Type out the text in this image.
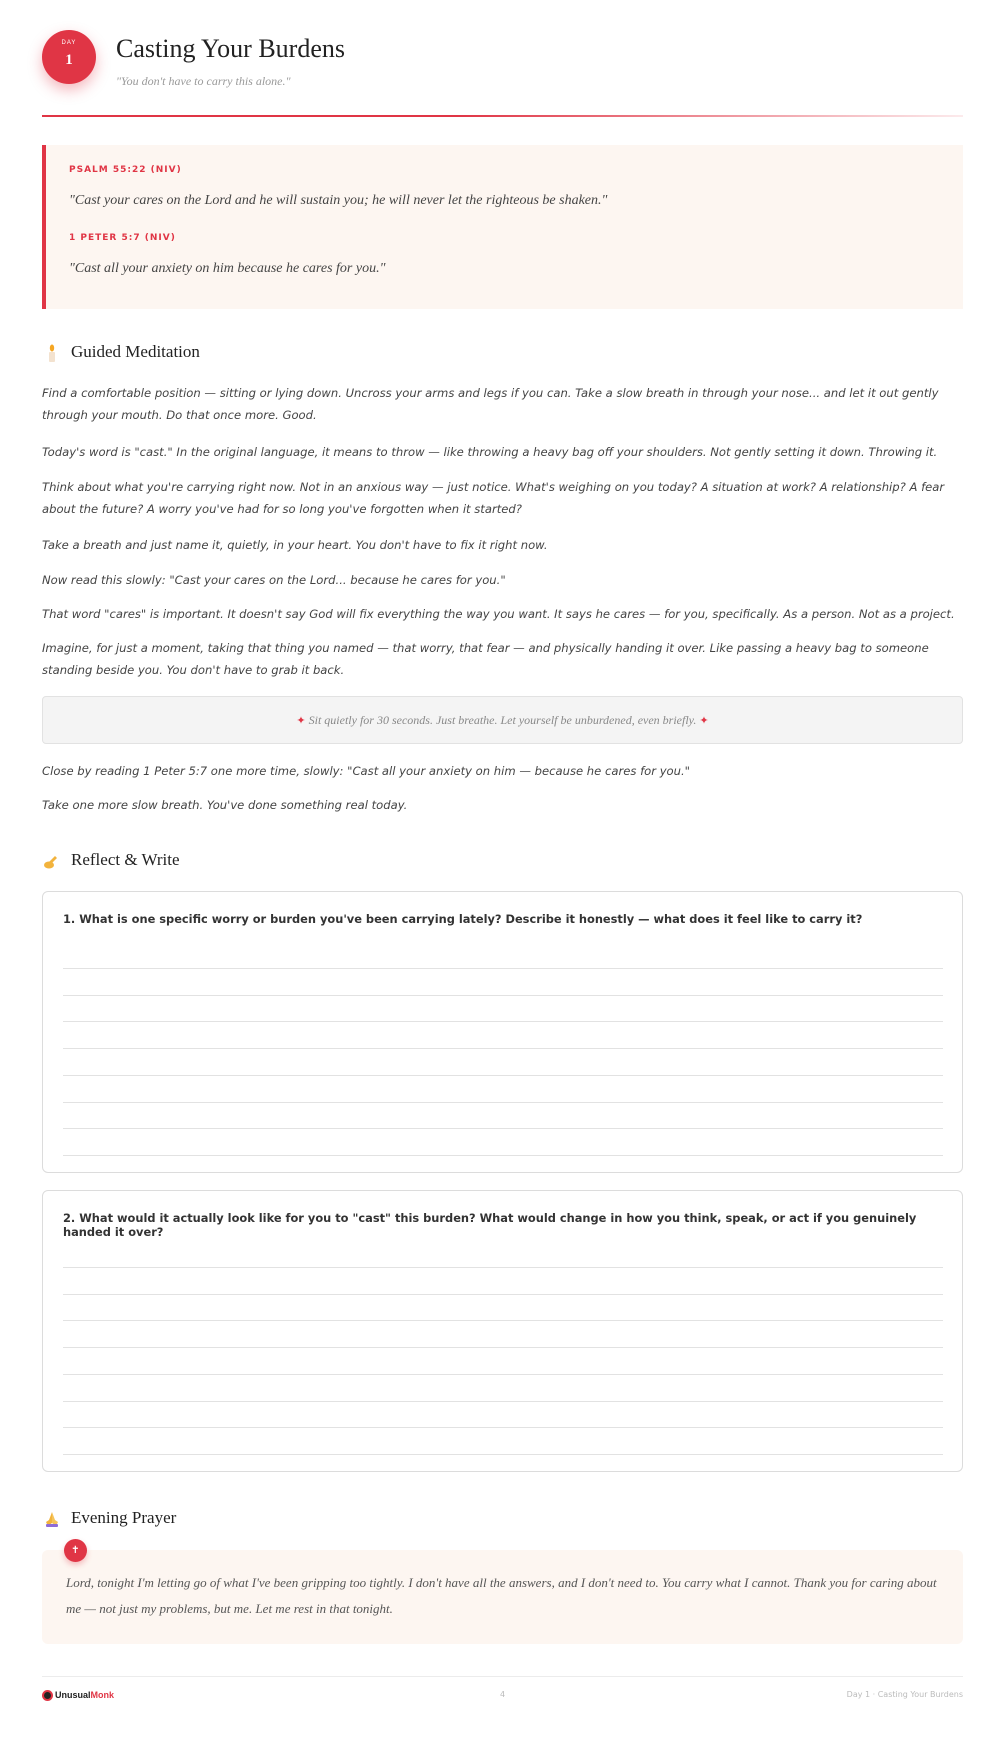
DAY
1	Casting Your Burdens
"You don't have to carry this alone."
PSALM 55:22 (NIV)
"Cast your cares on the Lord and he will sustain you; he will never let the righteous be shaken."
1 PETER 5:7 (NIV)
"Cast all your anxiety on him because he cares for you."
Guided Meditation
Find a comfortable position — sitting or lying down. Uncross your arms and legs if you can. Take a slow breath in through your nose... and let it out gently through your mouth. Do that once more. Good.
Today's word is "cast." In the original language, it means to throw — like throwing a heavy bag off your shoulders. Not gently setting it down. Throwing it.
Think about what you're carrying right now. Not in an anxious way — just notice. What's weighing on you today? A situation at work? A relationship? A fear about the future? A worry you've had for so long you've forgotten when it started?
Take a breath and just name it, quietly, in your heart. You don't have to fix it right now.
Now read this slowly: "Cast your cares on the Lord... because he cares for you."
That word "cares" is important. It doesn't say God will fix everything the way you want. It says he cares — for you, specifically. As a person. Not as a project.
Imagine, for just a moment, taking that thing you named — that worry, that fear — and physically handing it over. Like passing a heavy bag to someone standing beside you. You don't have to grab it back.
✦ Sit quietly for 30 seconds. Just breathe. Let yourself be unburdened, even briefly. ✦
Close by reading 1 Peter 5:7 one more time, slowly: "Cast all your anxiety on him — because he cares for you."
Take one more slow breath. You've done something real today.
Reflect & Write
1. What is one specific worry or burden you've been carrying lately? Describe it honestly — what does it feel like to carry it?
2. What would it actually look like for you to "cast" this burden? What would change in how you think, speak, or act if you genuinely handed it over?
Evening Prayer
Lord, tonight I'm letting go of what I've been gripping too tightly. I don't have all the answers, and I don't need to. You carry what I cannot. Thank you for caring about me — not just my problems, but me. Let me rest in that tonight.
✝
UnusualMonk	4	Day 1 · Casting Your Burdens
